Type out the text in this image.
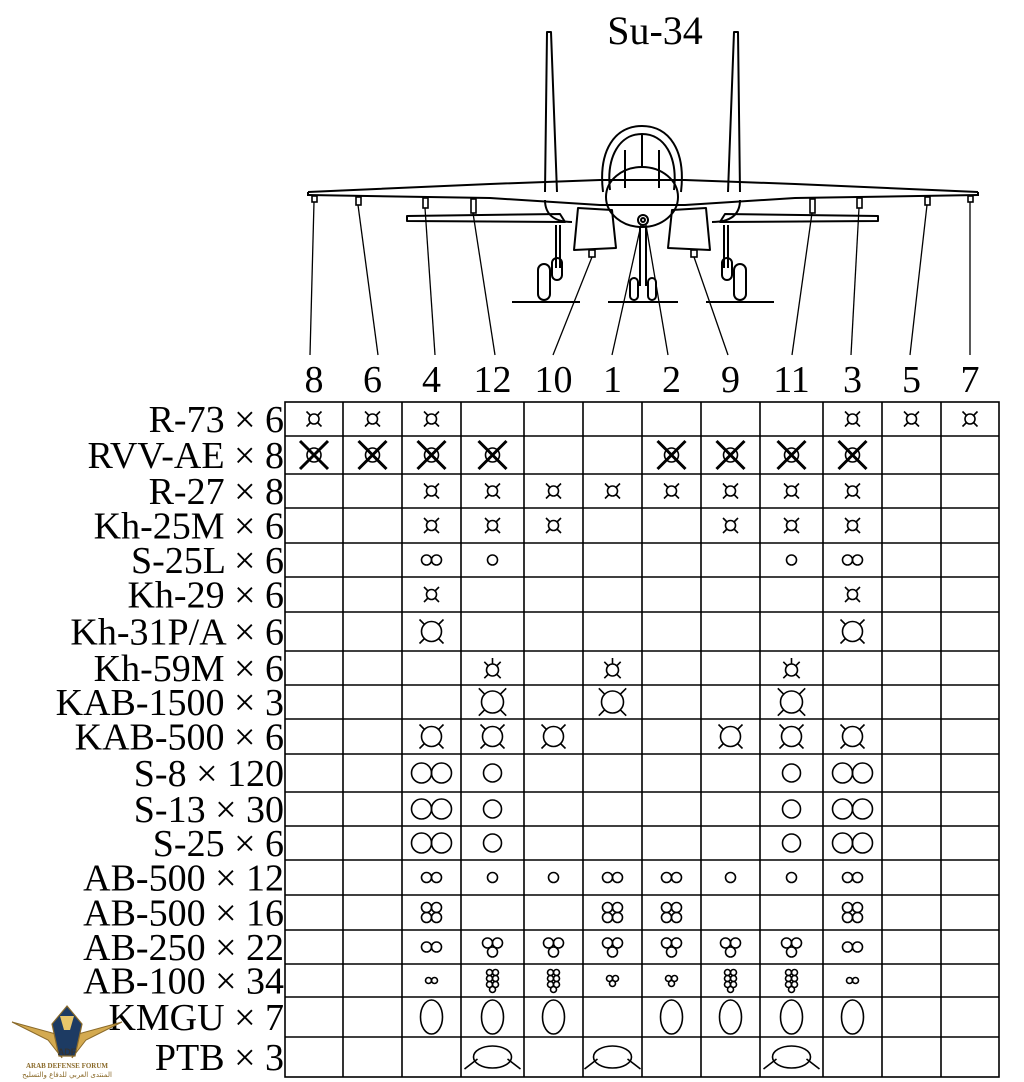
Su-34
8 6 4 12 10 1 2 9 11 3 5 7
R-73 × 6
RVV-AE × 8
R-27 × 8
Kh-25M × 6
S-25L × 6
Kh-29 × 6
Kh-31P/A × 6
Kh-59M × 6
KAB-1500 × 3
KAB-500 × 6
S-8 × 120
S-13 × 30
S-25 × 6
AB-500 × 12
AB-500 × 16
AB-250 × 22
AB-100 × 34
KMGU × 7
PTB × 3
ADF
ARAB DEFENSE FORUM
المنتدى العربي للدفاع والتسليح
